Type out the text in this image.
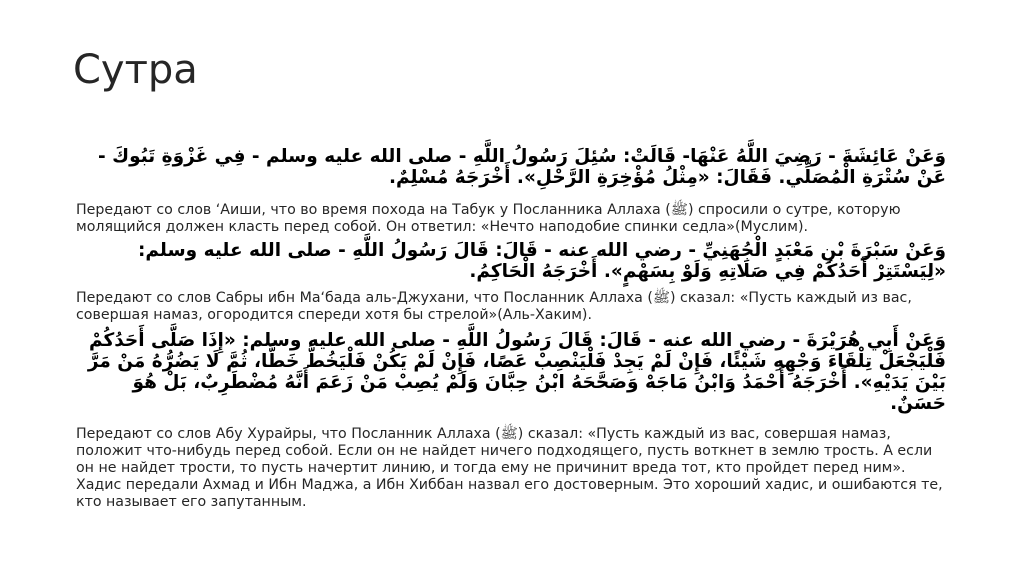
Сутра

وَعَنْ عَائِشَةَ - رَضِيَ اللَّهُ عَنْهَا- قَالَتْ: سُئِلَ رَسُولُ اللَّهِ - صلى الله عليه وسلم - فِي غَزْوَةِ تَبُوكَ - عَنْ سُتْرَةِ الْمُصَلِّي. فَقَالَ: «مِثْلُ مُؤْخِرَةِ الرَّحْلِ». أَخْرَجَهُ مُسْلِمٌ.

Передают со слов ‘Аиши, что во время похода на Табук у Посланника Аллаха (ﷺ) спросили о сутре, которую молящийся должен класть перед собой. Он ответил: «Нечто наподобие спинки седла»(Муслим).

وَعَنْ سَبْرَةَ بْنِ مَعْبَدٍ الْجُهَنِيِّ - رضي الله عنه - قَالَ: قَالَ رَسُولُ اللَّهِ - صلى الله عليه وسلم: «لِيَسْتَتِرْ أَحَدُكُمْ فِي صَلَاتِهِ وَلَوْ بِسَهْمٍ». أَخْرَجَهُ الْحَاكِمُ.

Передают со слов Сабры ибн Ма‘бада аль-Джухани, что Посланник Аллаха (ﷺ) сказал: «Пусть каждый из вас, совершая намаз, огородится спереди хотя бы стрелой»(Аль-Хаким).

وَعَنْ أَبِي هُرَيْرَةَ - رضي الله عنه - قَالَ: قَالَ رَسُولُ اللَّهِ - صلى الله عليه وسلم: «إِذَا صَلَّى أَحَدُكُمْ فَلْيَجْعَلْ تِلْقَاءَ وَجْهِهِ شَيْئًا، فَإِنْ لَمْ يَجِدْ فَلْيَنْصِبْ عَصًا، فَإِنْ لَمْ يَكُنْ فَلْيَخُطَّ خَطًّا، ثُمَّ لَا يَضُرُّهُ مَنْ مَرَّ بَيْنَ يَدَيْهِ». أَخْرَجَهُ أَحْمَدُ وَابْنُ مَاجَهْ وَصَحَّحَهُ ابْنُ حِبَّانَ وَلَمْ يُصِبْ مَنْ زَعَمَ أَنَّهُ مُضْطَرِبٌ، بَلْ هُوَ حَسَنٌ.

Передают со слов Абу Хурайры, что Посланник Аллаха (ﷺ) сказал: «Пусть каждый из вас, совершая намаз, положит что-нибудь перед собой. Если он не найдет ничего подходящего, пусть воткнет в землю трость. А если он не найдет трости, то пусть начертит линию, и тогда ему не причинит вреда тот, кто пройдет перед ним». Хадис передали Ахмад и Ибн Маджа, а Ибн Хиббан назвал его достоверным. Это хороший хадис, и ошибаются те, кто называет его запутанным.
